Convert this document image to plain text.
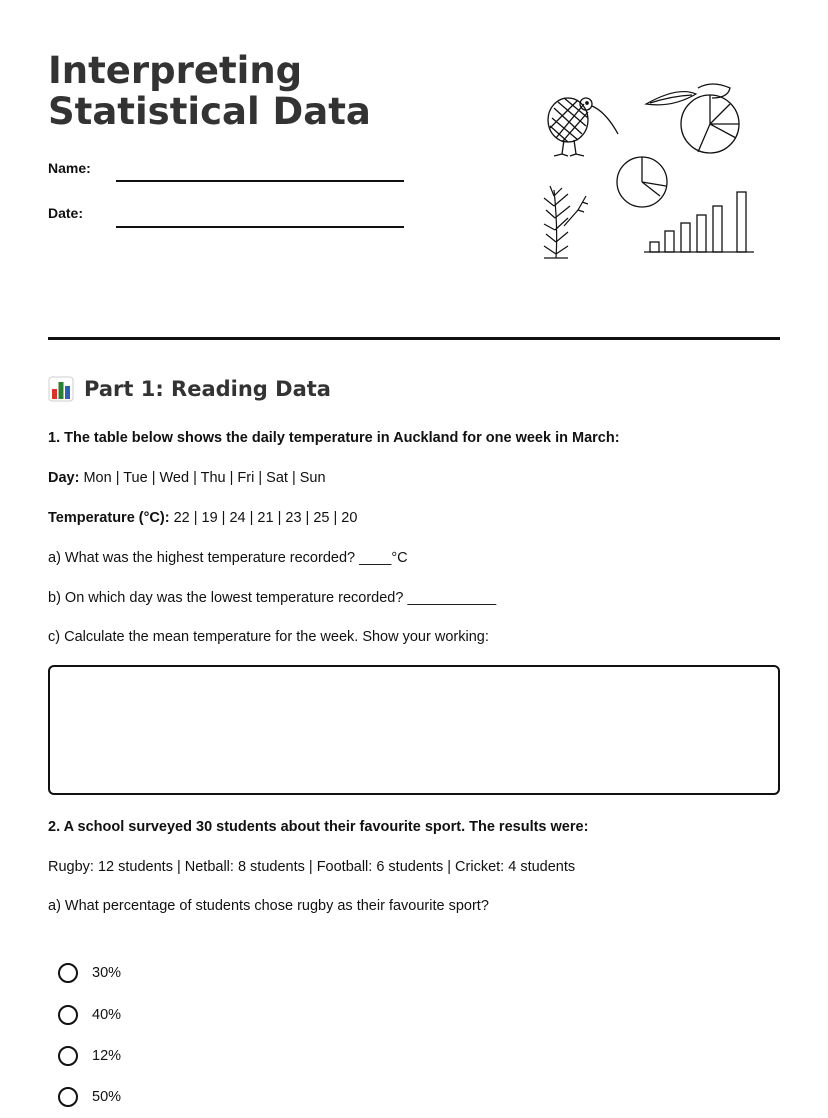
Interpreting Statistical Data
Name:
Date:
Part 1: Reading Data
1. The table below shows the daily temperature in Auckland for one week in March:
Day: Mon | Tue | Wed | Thu | Fri | Sat | Sun
Temperature (°C): 22 | 19 | 24 | 21 | 23 | 25 | 20
a) What was the highest temperature recorded? ____°C
b) On which day was the lowest temperature recorded? ___________
c) Calculate the mean temperature for the week. Show your working:
2. A school surveyed 30 students about their favourite sport. The results were:
Rugby: 12 students | Netball: 8 students | Football: 6 students | Cricket: 4 students
a) What percentage of students chose rugby as their favourite sport?
30%
40%
12%
50%
